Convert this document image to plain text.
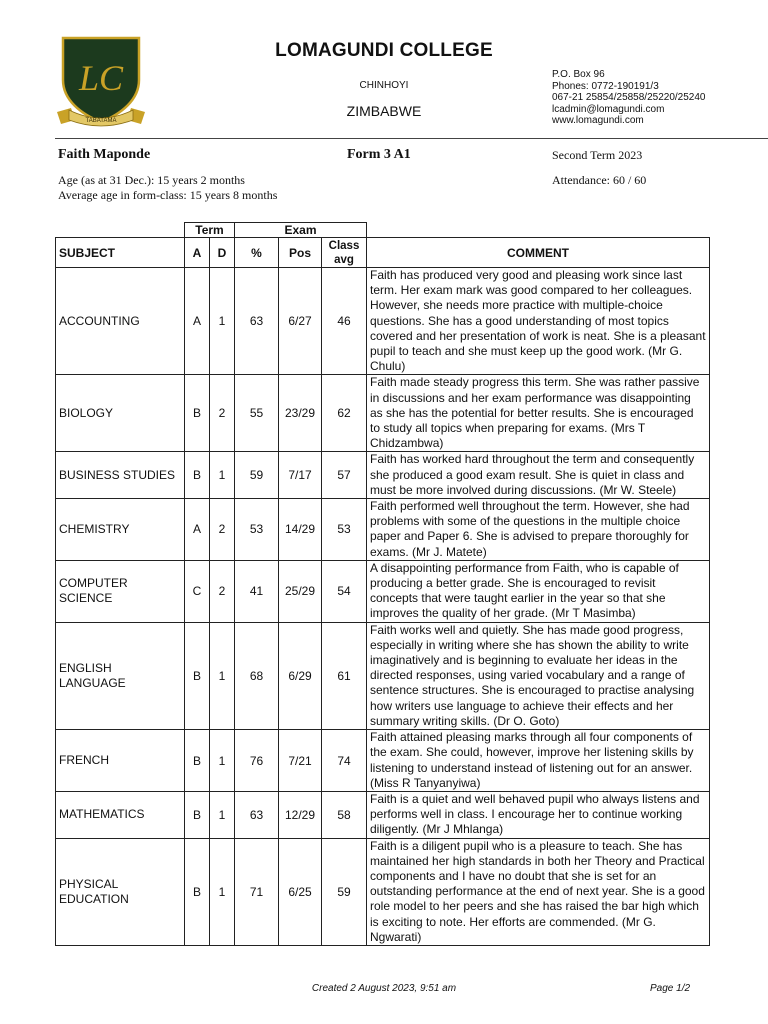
LC
TABATAMA
LOMAGUNDI COLLEGE
CHINHOYI
ZIMBABWE
P.O. Box 96
Phones: 0772-190191/3
067-21 25854/25858/25220/25240
lcadmin@lomagundi.com
www.lomagundi.com
Faith Maponde	Form 3 A1	Second Term 2023
Age (as at 31 Dec.): 15 years 2 months
Average age in form-class: 15 years 8 months
Attendance: 60 / 60
	Term		Exam			
SUBJECT	A	D	%	Pos	Class avg	COMMENT
ACCOUNTING	A	1	63	6/27	46	Faith has produced very good and pleasing work since last term. Her exam mark was good compared to her colleagues. However, she needs more practice with multiple-choice questions. She has a good understanding of most topics covered and her presentation of work is neat. She is a pleasant pupil to teach and she must keep up the good work. (Mr G. Chulu)
BIOLOGY	B	2	55	23/29	62	Faith made steady progress this term. She was rather passive in discussions and her exam performance was disappointing as she has the potential for better results. She is encouraged to study all topics when preparing for exams. (Mrs T Chidzambwa)
BUSINESS STUDIES	B	1	59	7/17	57	Faith has worked hard throughout the term and consequently she produced a good exam result. She is quiet in class and must be more involved during discussions. (Mr W. Steele)
CHEMISTRY	A	2	53	14/29	53	Faith performed well throughout the term. However, she had problems with some of the questions in the multiple choice paper and Paper 6. She is advised to prepare thoroughly for exams. (Mr J. Matete)
COMPUTER SCIENCE	C	2	41	25/29	54	A disappointing performance from Faith, who is capable of producing a better grade. She is encouraged to revisit concepts that were taught earlier in the year so that she improves the quality of her grade. (Mr T Masimba)
ENGLISH LANGUAGE	B	1	68	6/29	61	Faith works well and quietly. She has made good progress, especially in writing where she has shown the ability to write imaginatively and is beginning to evaluate her ideas in the directed responses, using varied vocabulary and a range of sentence structures. She is encouraged to practise analysing how writers use language to achieve their effects and her summary writing skills. (Dr O. Goto)
FRENCH	B	1	76	7/21	74	Faith attained pleasing marks through all four components of the exam. She could, however, improve her listening skills by listening to understand instead of listening out for an answer. (Miss R Tanyanyiwa)
MATHEMATICS	B	1	63	12/29	58	Faith is a quiet and well behaved pupil who always listens and performs well in class. I encourage her to continue working diligently. (Mr J Mhlanga)
PHYSICAL EDUCATION	B	1	71	6/25	59	Faith is a diligent pupil who is a pleasure to teach. She has maintained her high standards in both her Theory and Practical components and I have no doubt that she is set for an outstanding performance at the end of next year. She is a good role model to her peers and she has raised the bar high which is exciting to note. Her efforts are commended. (Mr G. Ngwarati)
Created 2 August 2023, 9:51 am	Page 1/2
